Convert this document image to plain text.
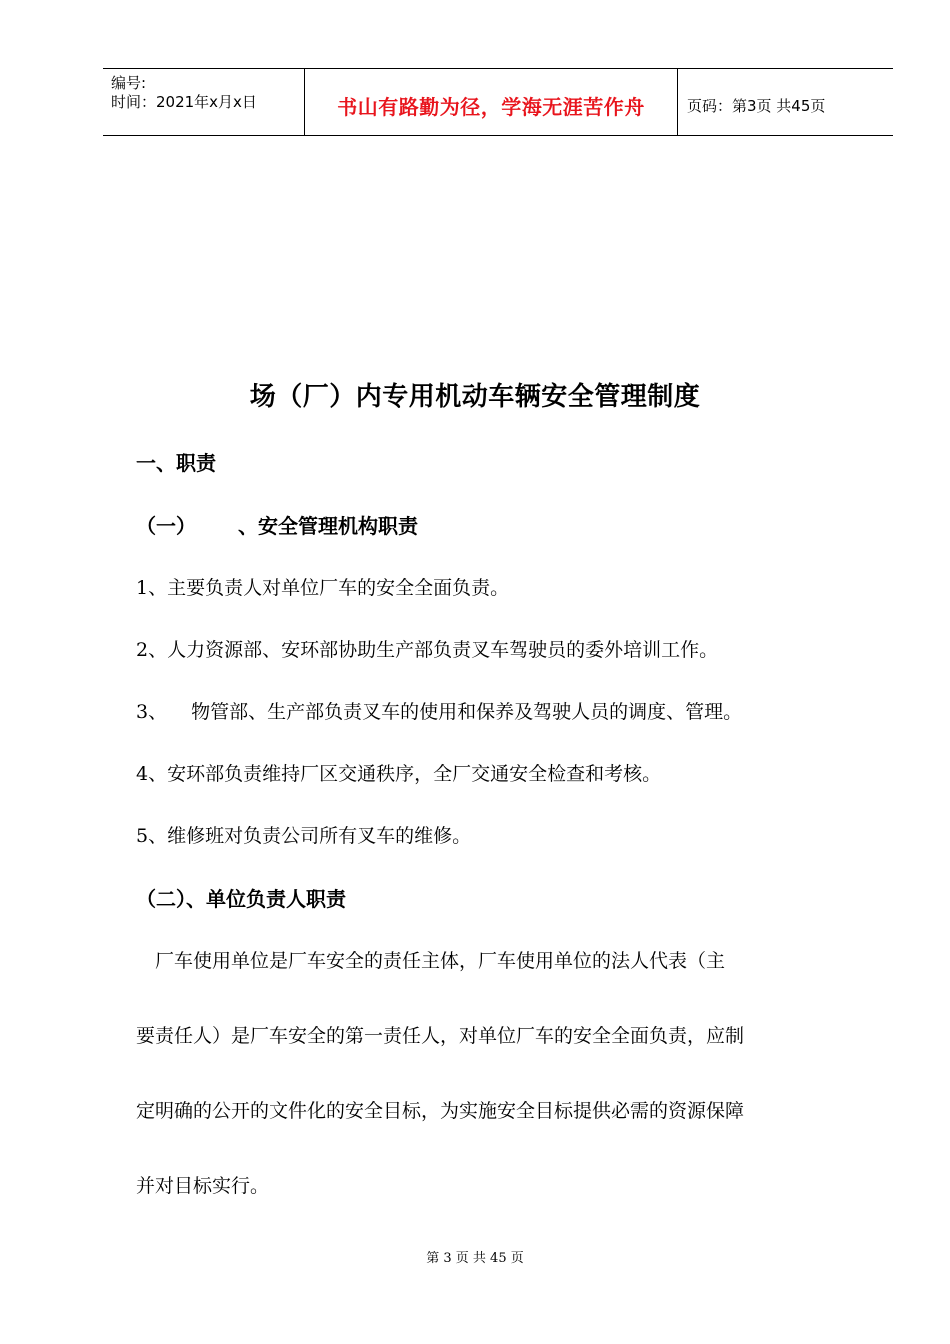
编号:
时间：2021年x月x日	书山有路勤为径，学海无涯苦作舟	页码：第3页 共45页
场（厂）内专用机动车辆安全管理制度
一、职责
（一） 、安全管理机构职责
1、主要负责人对单位厂车的安全全面负责。
2、人力资源部、安环部协助生产部负责叉车驾驶员的委外培训工作。
3、 物管部、生产部负责叉车的使用和保养及驾驶人员的调度、管理。
4、安环部负责维持厂区交通秩序，全厂交通安全检查和考核。
5、维修班对负责公司所有叉车的维修。
（二）、单位负责人职责
　厂车使用单位是厂车安全的责任主体，厂车使用单位的法人代表（主
要责任人）是厂车安全的第一责任人，对单位厂车的安全全面负责，应制
定明确的公开的文件化的安全目标，为实施安全目标提供必需的资源保障
并对目标实行。
第 3 页 共 45 页
